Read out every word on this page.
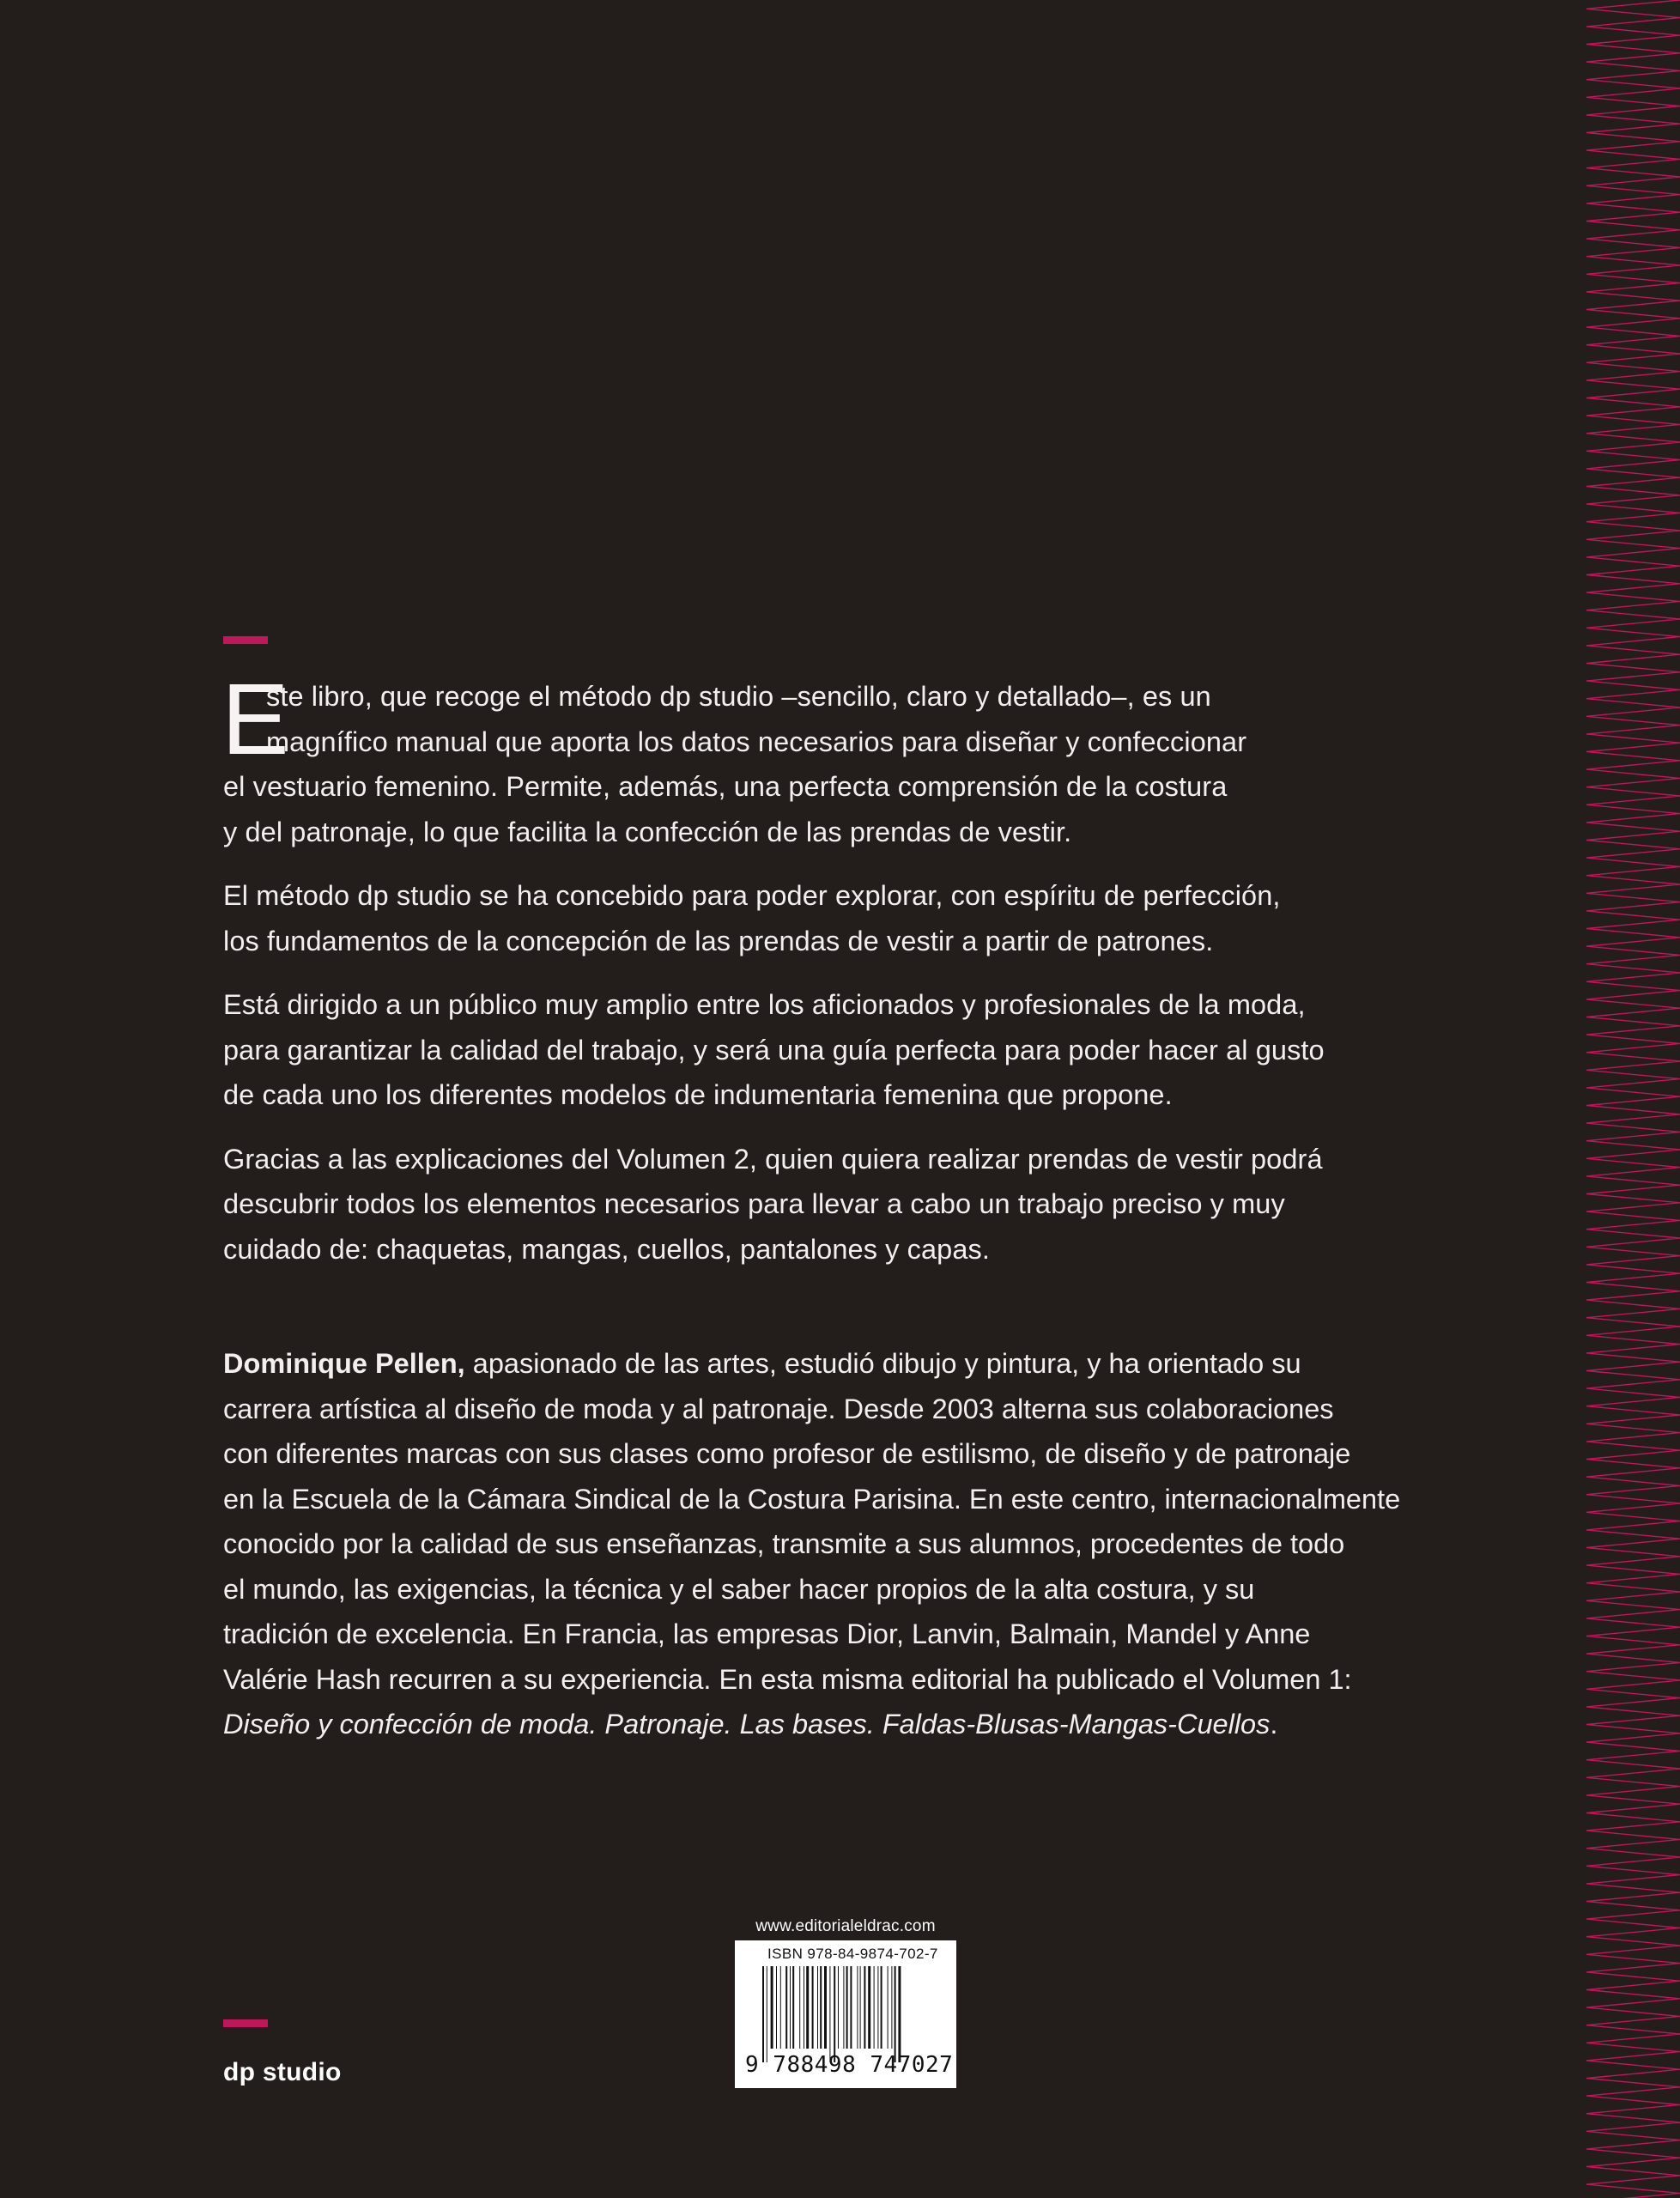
E
ste libro, que recoge el método dp studio –sencillo, claro y detallado–, es un
magnífico manual que aporta los datos necesarios para diseñar y confeccionar
el vestuario femenino. Permite, además, una perfecta comprensión de la costura
y del patronaje, lo que facilita la confección de las prendas de vestir.

El método dp studio se ha concebido para poder explorar, con espíritu de perfección,
los fundamentos de la concepción de las prendas de vestir a partir de patrones.

Está dirigido a un público muy amplio entre los aficionados y profesionales de la moda,
para garantizar la calidad del trabajo, y será una guía perfecta para poder hacer al gusto
de cada uno los diferentes modelos de indumentaria femenina que propone.

Gracias a las explicaciones del Volumen 2, quien quiera realizar prendas de vestir podrá
descubrir todos los elementos necesarios para llevar a cabo un trabajo preciso y muy
cuidado de: chaquetas, mangas, cuellos, pantalones y capas.

Dominique Pellen, apasionado de las artes, estudió dibujo y pintura, y ha orientado su
carrera artística al diseño de moda y al patronaje. Desde 2003 alterna sus colaboraciones
con diferentes marcas con sus clases como profesor de estilismo, de diseño y de patronaje
en la Escuela de la Cámara Sindical de la Costura Parisina. En este centro, internacionalmente
conocido por la calidad de sus enseñanzas, transmite a sus alumnos, procedentes de todo
el mundo, las exigencias, la técnica y el saber hacer propios de la alta costura, y su
tradición de excelencia. En Francia, las empresas Dior, Lanvin, Balmain, Mandel y Anne
Valérie Hash recurren a su experiencia. En esta misma editorial ha publicado el Volumen 1:
Diseño y confección de moda. Patronaje. Las bases. Faldas-Blusas-Mangas-Cuellos.
www.editorialeldrac.com
ISBN 978-84-9874-702-7
9 788498 747027
dp studio
